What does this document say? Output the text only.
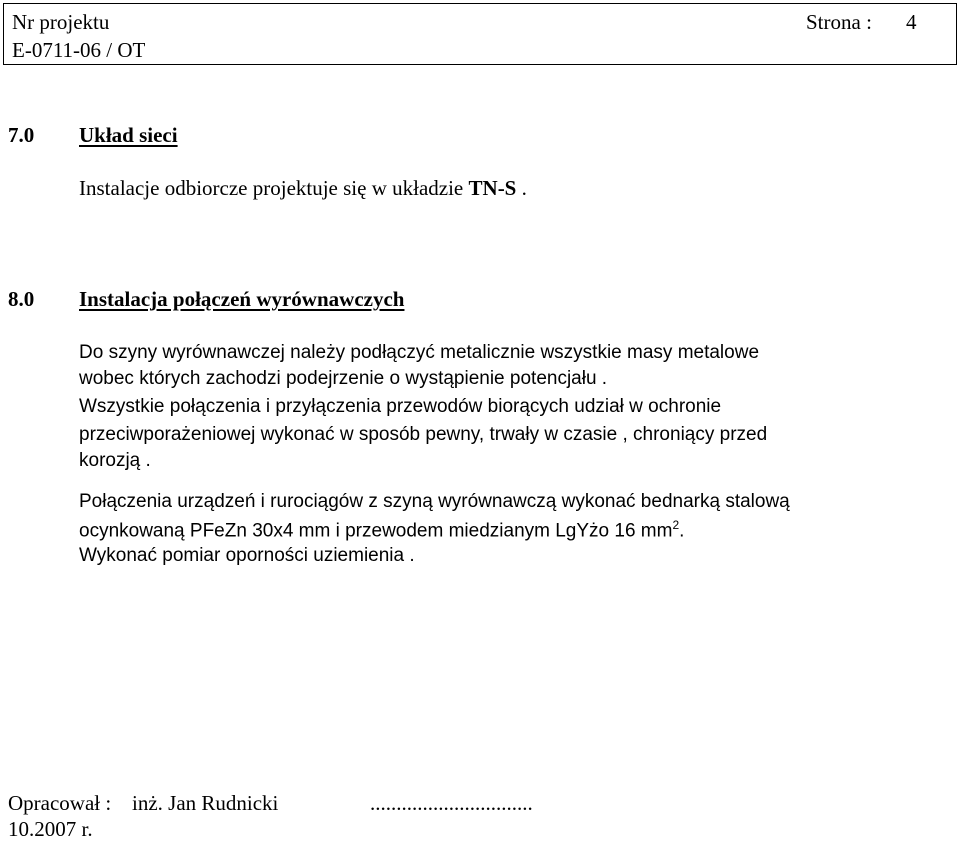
Nr projektu
E-0711-06 / OT
Strona : 4
7.0 Układ sieci
Instalacje odbiorcze projektuje się w układzie TN-S .
8.0 Instalacja połączeń wyrównawczych
Do szyny wyrównawczej należy podłączyć metalicznie wszystkie masy metalowe
wobec których zachodzi podejrzenie o wystąpienie potencjału .
Wszystkie połączenia i przyłączenia przewodów biorących udział w ochronie
przeciwporażeniowej wykonać w sposób pewny, trwały w czasie , chroniący przed
korozją .
Połączenia urządzeń i rurociągów z szyną wyrównawczą wykonać bednarką stalową
ocynkowaną PFeZn 30x4 mm i przewodem miedzianym LgYżo 16 $mm^2$.
Wykonać pomiar oporności uziemienia .
Opracował : inż. Jan Rudnicki	...............................
10.2007 r.
